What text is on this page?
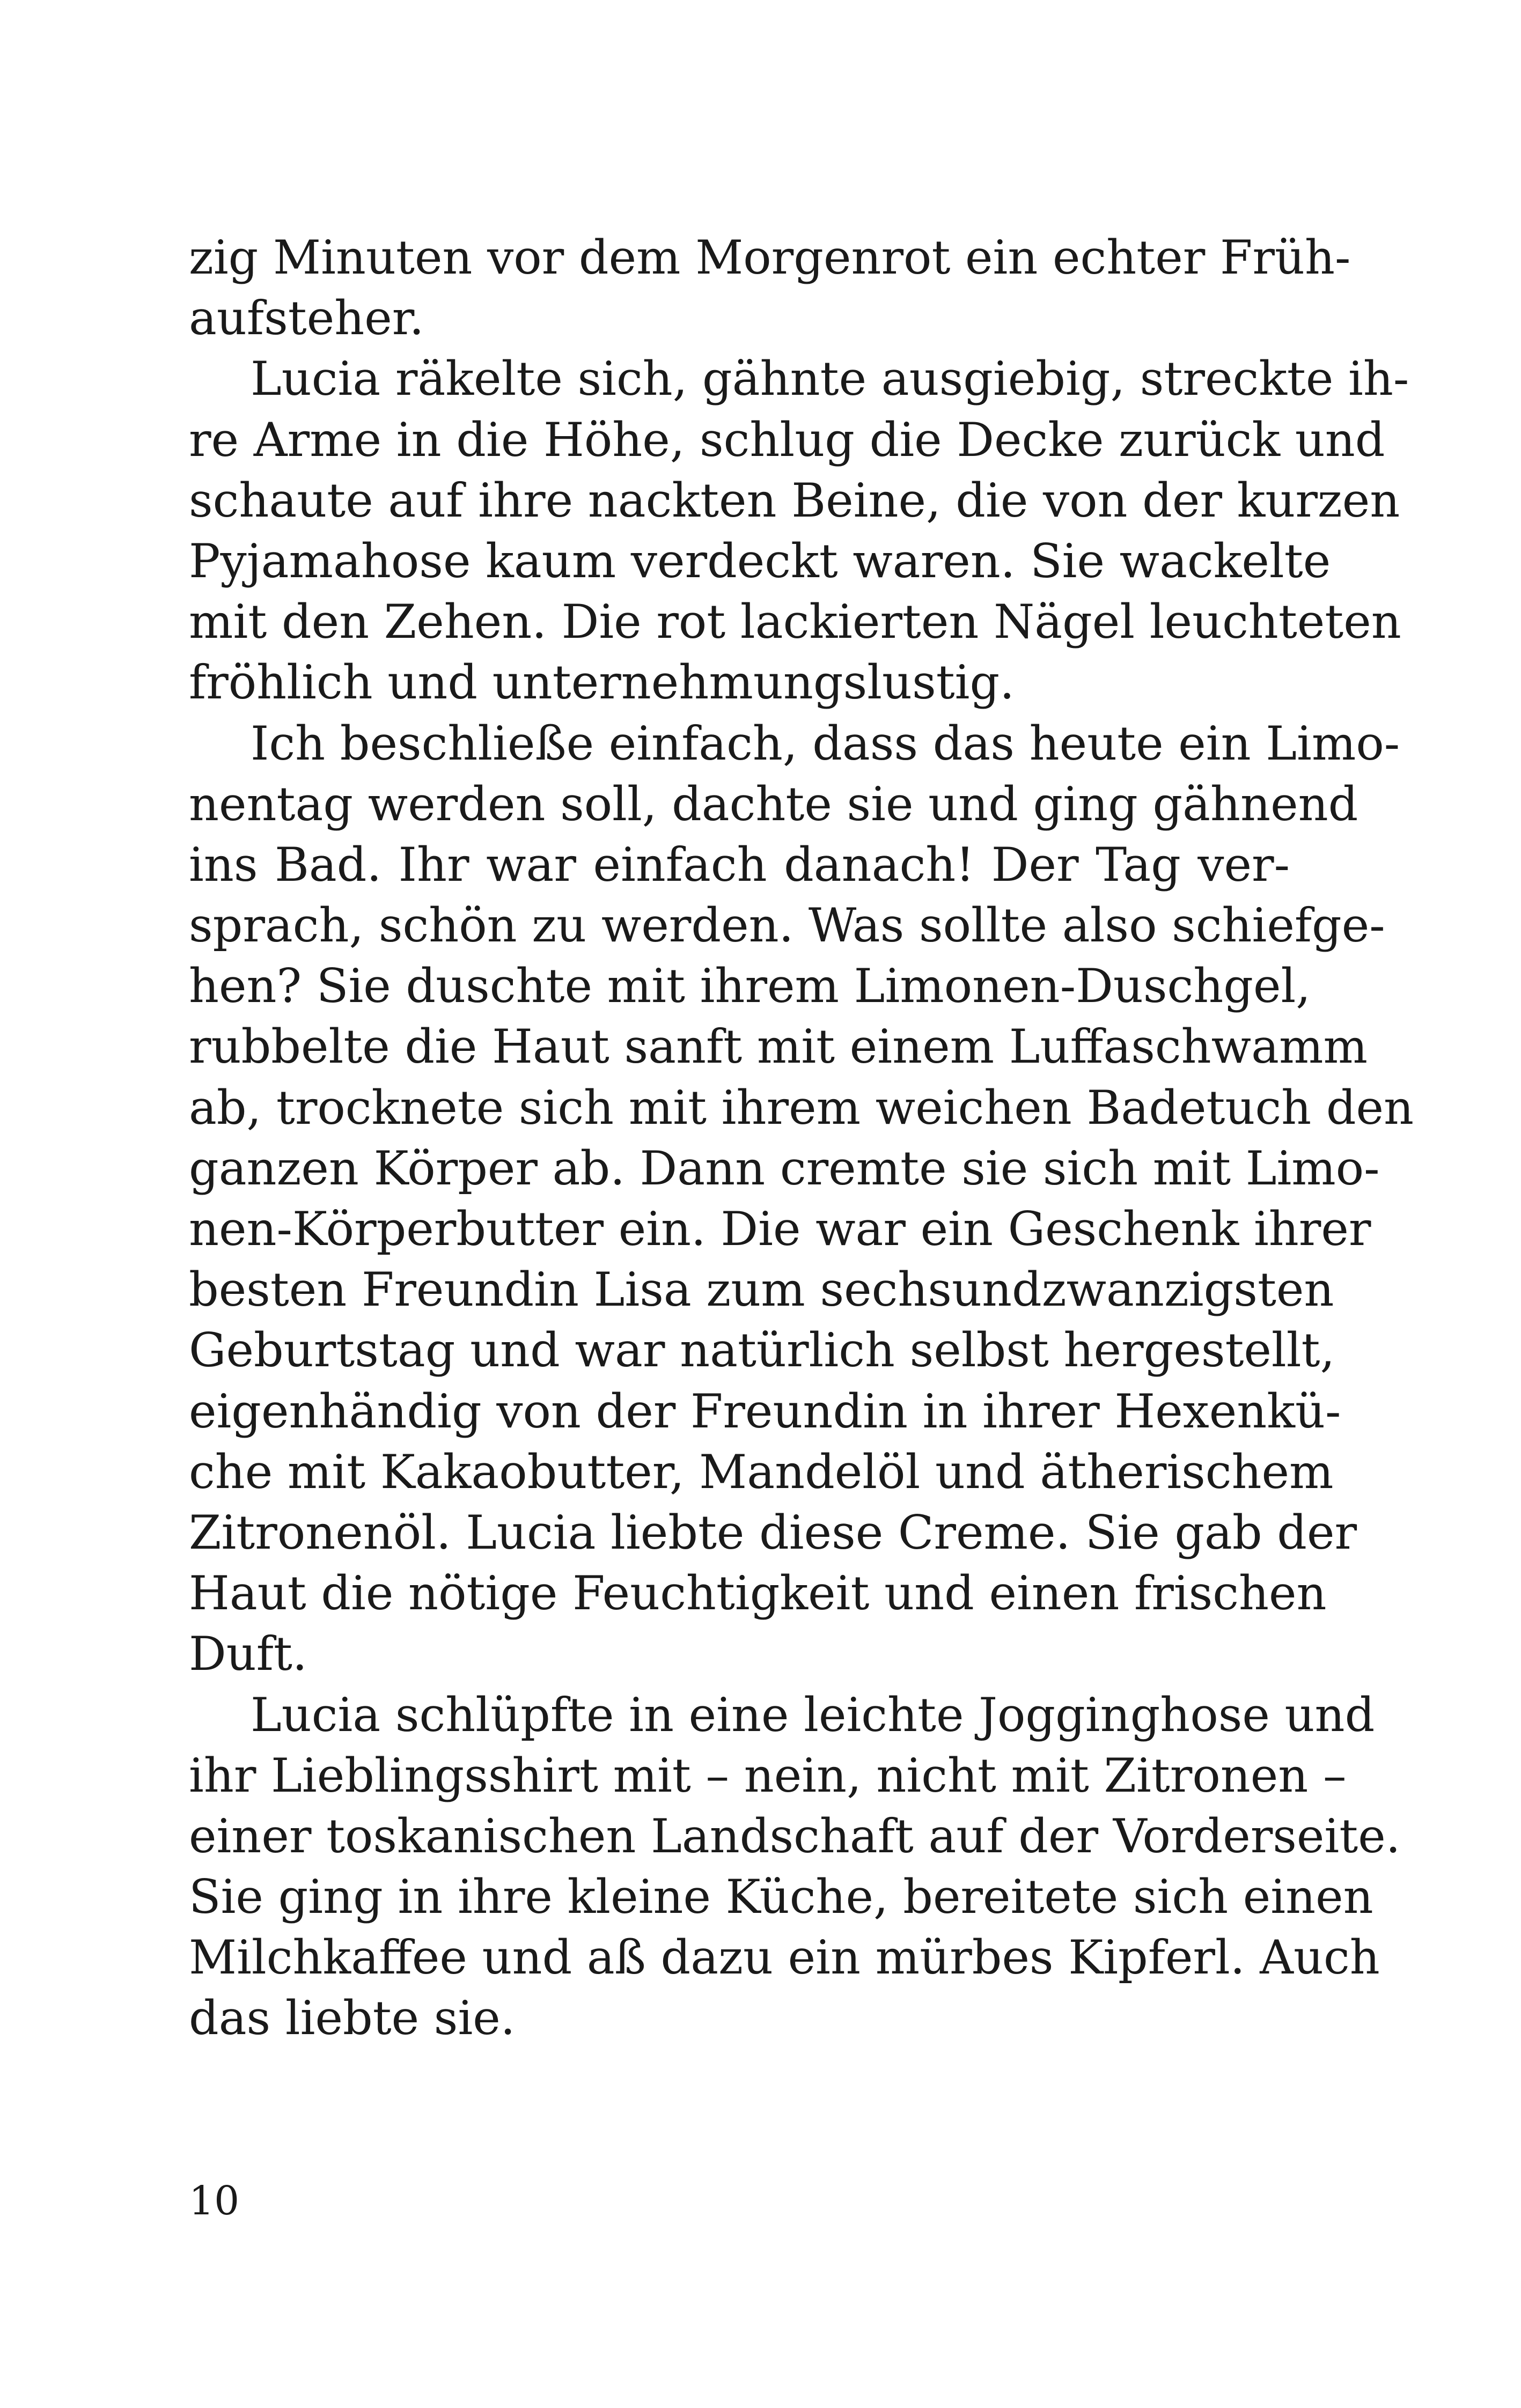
zig Minuten vor dem Morgenrot ein echter Früh-
aufsteher.
Lucia räkelte sich, gähnte ausgiebig, streckte ih-
re Arme in die Höhe, schlug die Decke zurück und
schaute auf ihre nackten Beine, die von der kurzen
Pyjamahose kaum verdeckt waren. Sie wackelte
mit den Zehen. Die rot lackierten Nägel leuchteten
fröhlich und unternehmungslustig.
Ich beschließe einfach, dass das heute ein Limo-
nentag werden soll, dachte sie und ging gähnend
ins Bad. Ihr war einfach danach! Der Tag ver-
sprach, schön zu werden. Was sollte also schiefge-
hen? Sie duschte mit ihrem Limonen-Duschgel,
rubbelte die Haut sanft mit einem Luffaschwamm
ab, trocknete sich mit ihrem weichen Badetuch den
ganzen Körper ab. Dann cremte sie sich mit Limo-
nen-Körperbutter ein. Die war ein Geschenk ihrer
besten Freundin Lisa zum sechsundzwanzigsten
Geburtstag und war natürlich selbst hergestellt,
eigenhändig von der Freundin in ihrer Hexenkü-
che mit Kakaobutter, Mandelöl und ätherischem
Zitronenöl. Lucia liebte diese Creme. Sie gab der
Haut die nötige Feuchtigkeit und einen frischen
Duft.
Lucia schlüpfte in eine leichte Jogginghose und
ihr Lieblingsshirt mit – nein, nicht mit Zitronen –
einer toskanischen Landschaft auf der Vorderseite.
Sie ging in ihre kleine Küche, bereitete sich einen
Milchkaffee und aß dazu ein mürbes Kipferl. Auch
das liebte sie.
10
